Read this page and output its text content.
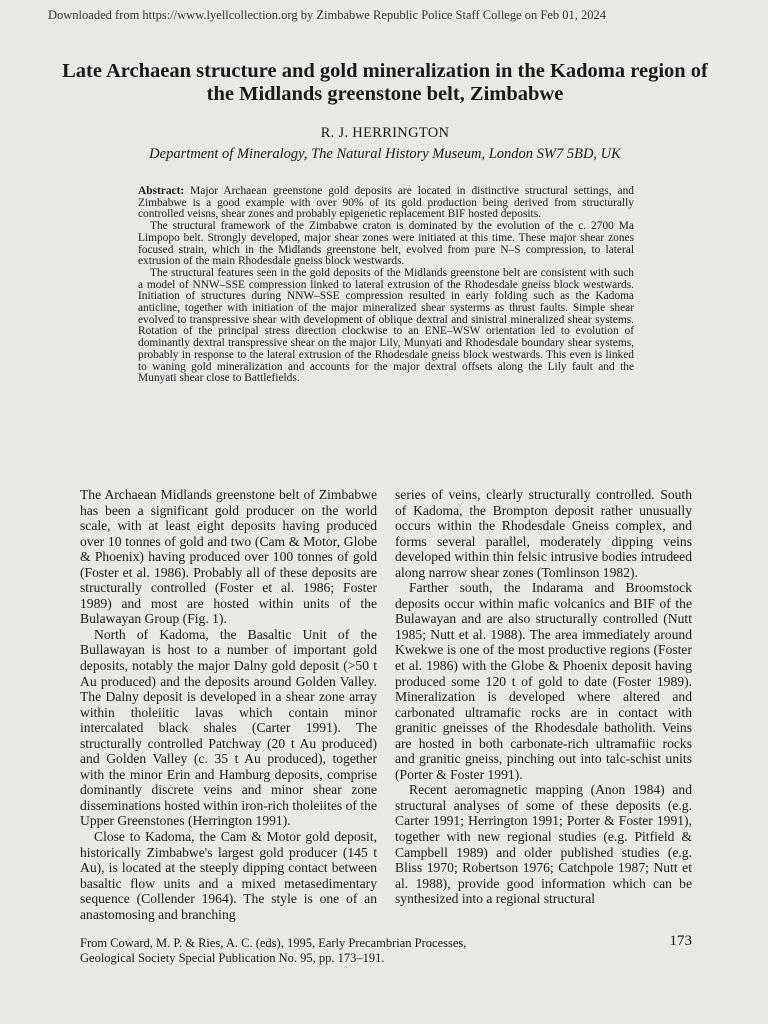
Downloaded from https://www.lyellcollection.org by Zimbabwe Republic Police Staff College on Feb 01, 2024

Late Archaean structure and gold mineralization in the Kadoma region of the Midlands greenstone belt, Zimbabwe

R. J. HERRINGTON

Department of Mineralogy, The Natural History Museum, London SW7 5BD, UK

Abstract: Major Archaean greenstone gold deposits are located in distinctive structural settings, and Zimbabwe is a good example with over 90% of its gold production being derived from structurally controlled veisns, shear zones and probably epigenetic replacement BIF hosted deposits.

The structural framework of the Zimbabwe craton is dominated by the evolution of the c. 2700 Ma Limpopo belt. Strongly developed, major shear zones were initiated at this time. These major shear zones focused strain, which in the Midlands greenstone belt, evolved from pure N–S compression, to lateral extrusion of the main Rhodesdale gneiss block westwards.

The structural features seen in the gold deposits of the Midlands greenstone belt are consistent with such a model of NNW–SSE compression linked to lateral extrusion of the Rhodesdale gneiss block westwards. Initiation of structures during NNW–SSE compression resulted in early folding such as the Kadoma anticline, together with initiation of the major mineralized shear systerms as thrust faults. Simple shear evolved to transpressive shear with development of oblique dextral and sinistral mineralized shear systems. Rotation of the principal stress direction clockwise to an ENE–WSW orientation led to evolution of dominantly dextral transpressive shear on the major Lily, Munyati and Rhodesdale boundary shear systems, probably in response to the lateral extrusion of the Rhodesdale gneiss block westwards. This even is linked to waning gold mineralization and accounts for the major dextral offsets along the Lily fault and the Munyati shear close to Battlefields.

The Archaean Midlands greenstone belt of Zimbabwe has been a significant gold producer on the world scale, with at least eight deposits having produced over 10 tonnes of gold and two (Cam & Motor, Globe & Phoenix) having produced over 100 tonnes of gold (Foster et al. 1986). Probably all of these deposits are structurally controlled (Foster et al. 1986; Foster 1989) and most are hosted within units of the Bulawayan Group (Fig. 1).

North of Kadoma, the Basaltic Unit of the Bullawayan is host to a number of important gold deposits, notably the major Dalny gold deposit (>50 t Au produced) and the deposits around Golden Valley. The Dalny deposit is developed in a shear zone array within tholeiitic lavas which contain minor intercalated black shales (Carter 1991). The structurally controlled Patchway (20 t Au produced) and Golden Valley (c. 35 t Au produced), together with the minor Erin and Hamburg deposits, comprise dominantly discrete veins and minor shear zone disseminations hosted within iron-rich tholeiites of the Upper Greenstones (Herrington 1991).

Close to Kadoma, the Cam & Motor gold deposit, historically Zimbabwe's largest gold producer (145 t Au), is located at the steeply dipping contact between basaltic flow units and a mixed metasedimentary sequence (Collender 1964). The style is one of an anastomosing and branching

series of veins, clearly structurally controlled. South of Kadoma, the Brompton deposit rather unusually occurs within the Rhodesdale Gneiss complex, and forms several parallel, moderately dipping veins developed within thin felsic intrusive bodies intrudeed along narrow shear zones (Tomlinson 1982).

Farther south, the Indarama and Broomstock deposits occur within mafic volcanics and BIF of the Bulawayan and are also structurally controlled (Nutt 1985; Nutt et al. 1988). The area immediately around Kwekwe is one of the most productive regions (Foster et al. 1986) with the Globe & Phoenix deposit having produced some 120 t of gold to date (Foster 1989). Mineralization is developed where altered and carbonated ultramafic rocks are in contact with granitic gneisses of the Rhodesdale batholith. Veins are hosted in both carbonate-rich ultramafiic rocks and granitic gneiss, pinching out into talc-schist units (Porter & Foster 1991).

Recent aeromagnetic mapping (Anon 1984) and structural analyses of some of these deposits (e.g. Carter 1991; Herrington 1991; Porter & Foster 1991), together with new regional studies (e.g. Pitfield & Campbell 1989) and older published studies (e.g. Bliss 1970; Robertson 1976; Catchpole 1987; Nutt et al. 1988), provide good information which can be synthesized into a regional structural

From Coward, M. P. & Ries, A. C. (eds), 1995, Early Precambrian Processes,

Geological Society Special Publication No. 95, pp. 173–191.

173
